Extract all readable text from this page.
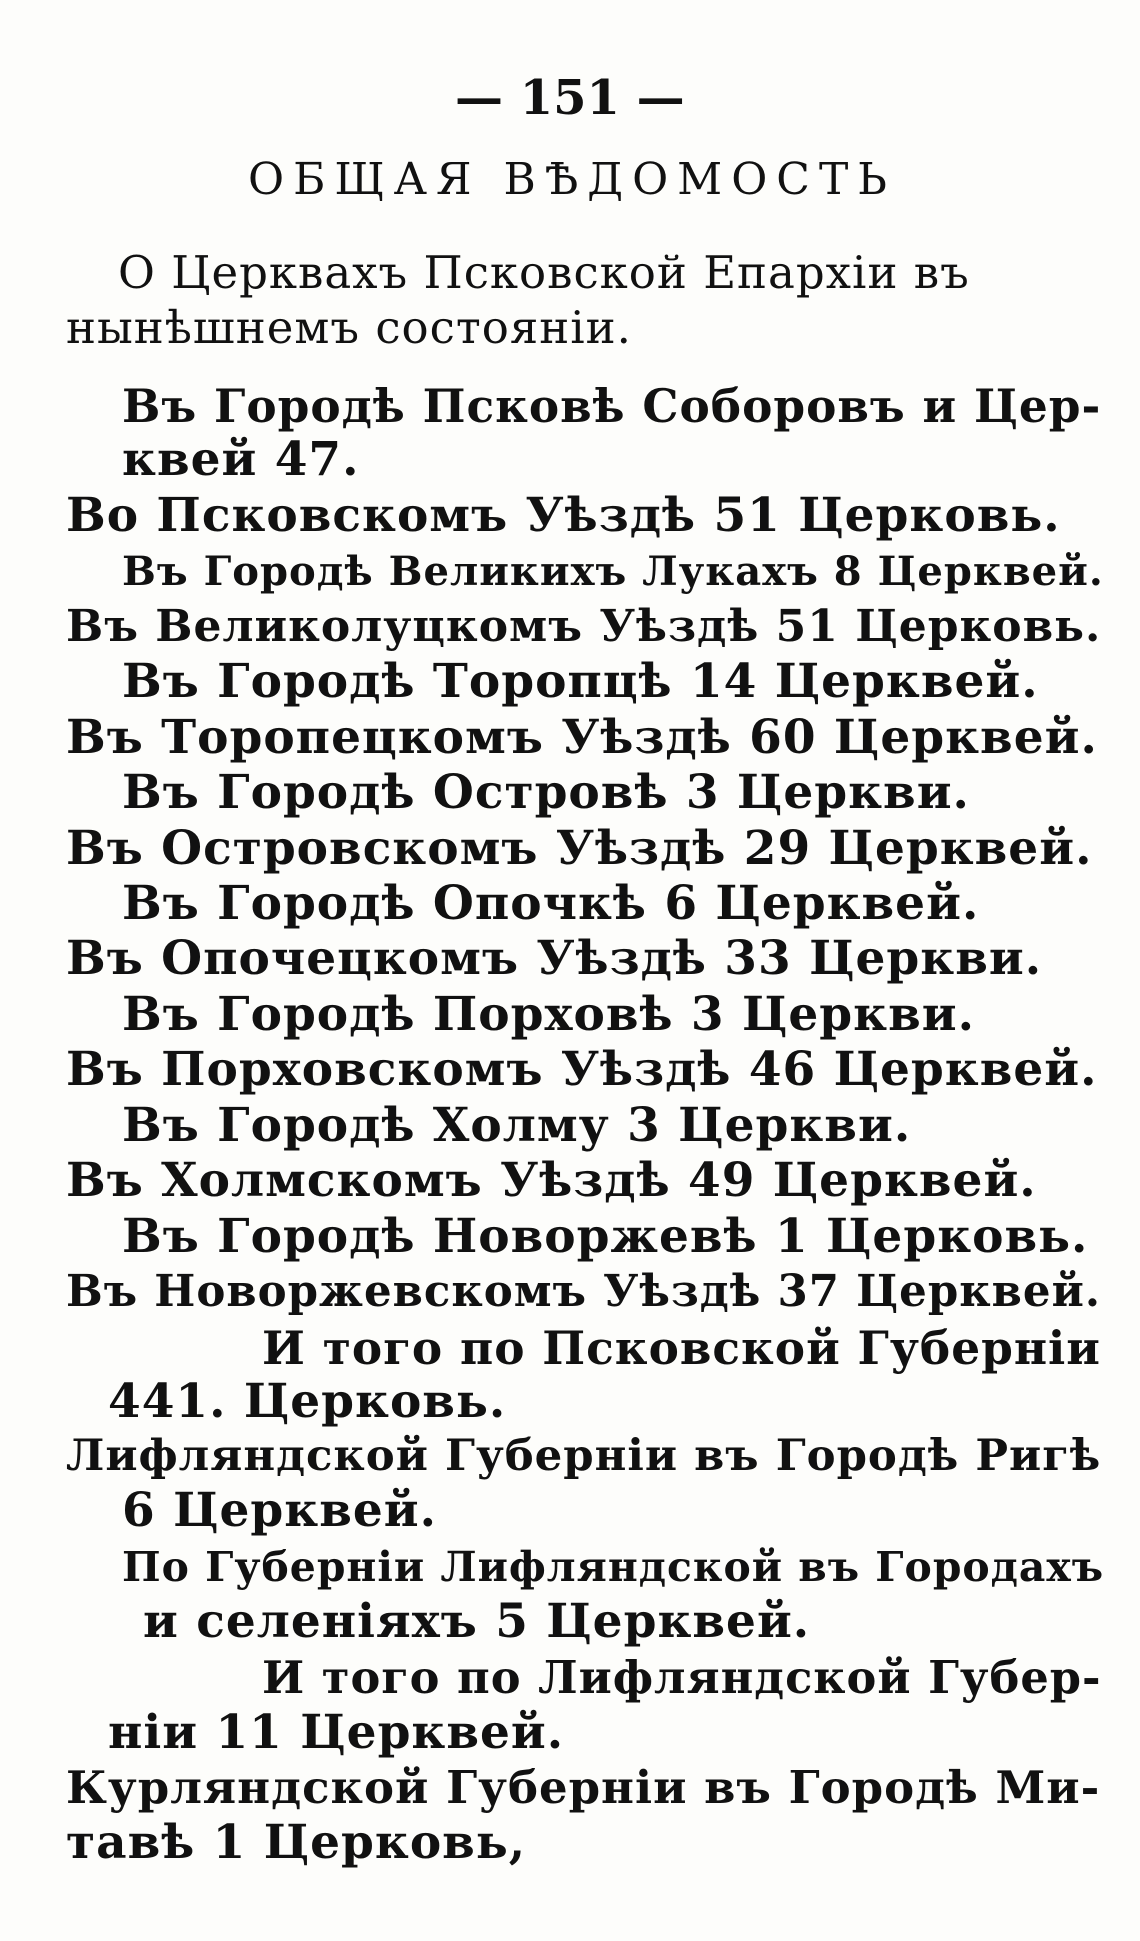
— 151 —
ОБЩАЯ ВѢДОМОСТЬ
О Церквахъ Псковской Епархіи въ
нынѣшнемъ состояніи.
Въ Городѣ Псковѣ Соборовъ и Цер-
квей 47.
Во Псковскомъ Уѣздѣ 51 Церковь.
Въ Городѣ Великихъ Лукахъ 8 Церквей.
Въ Великолуцкомъ Уѣздѣ 51 Церковь.
Въ Городѣ Торопцѣ 14 Церквей.
Въ Торопецкомъ Уѣздѣ 60 Церквей.
Въ Городѣ Островѣ 3 Церкви.
Въ Островскомъ Уѣздѣ 29 Церквей.
Въ Городѣ Опочкѣ 6 Церквей.
Въ Опочецкомъ Уѣздѣ 33 Церкви.
Въ Городѣ Порховѣ 3 Церкви.
Въ Порховскомъ Уѣздѣ 46 Церквей.
Въ Городѣ Холму 3 Церкви.
Въ Холмскомъ Уѣздѣ 49 Церквей.
Въ Городѣ Новоржевѣ 1 Церковь.
Въ Новоржевскомъ Уѣздѣ 37 Церквей.
И того по Псковской Губерніи
441. Церковь.
Лифляндской Губерніи въ Городѣ Ригѣ
6 Церквей.
По Губерніи Лифляндской въ Городахъ
и селеніяхъ 5 Церквей.
И того по Лифляндской Губер-
ніи 11 Церквей.
Курляндской Губерніи въ Городѣ Ми-
тавѣ 1 Церковь,
